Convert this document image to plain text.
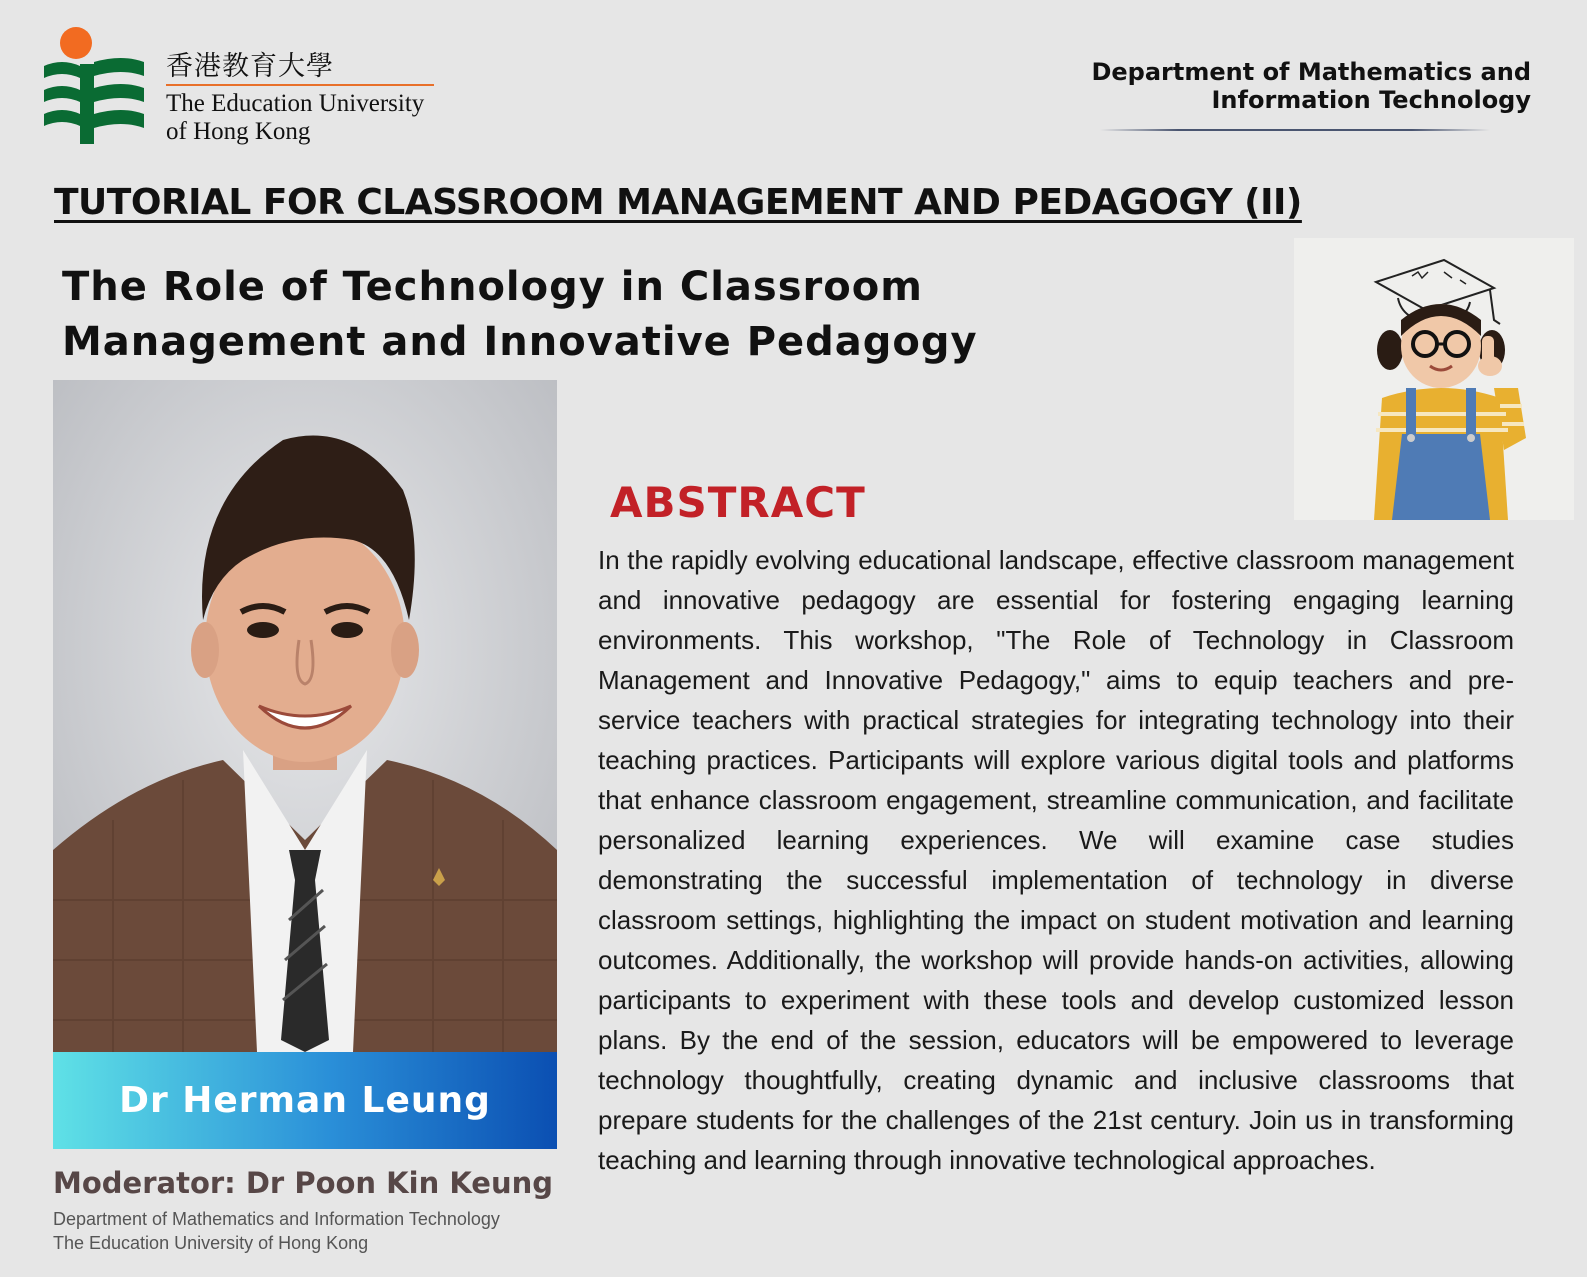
香港教育大學
The Education University
of Hong Kong
Department of Mathematics and
Information Technology
TUTORIAL FOR CLASSROOM MANAGEMENT AND PEDAGOGY (II)
The Role of Technology in Classroom
Management and Innovative Pedagogy
Dr Herman Leung
Moderator: Dr Poon Kin Keung
Department of Mathematics and Information Technology
The Education University of Hong Kong
ABSTRACT
In the rapidly evolving educational landscape, effective classroom management and innovative pedagogy are essential for fostering engaging learning environments. This workshop, "The Role of Technology in Classroom Management and Innovative Pedagogy," aims to equip teachers and pre-service teachers with practical strategies for integrating technology into their teaching practices. Participants will explore various digital tools and platforms that enhance classroom engagement, streamline communication, and facilitate personalized learning experiences. We will examine case studies demonstrating the successful implementation of technology in diverse classroom settings, highlighting the impact on student motivation and learning outcomes. Additionally, the workshop will provide hands-on activities, allowing participants to experiment with these tools and develop customized lesson plans. By the end of the session, educators will be empowered to leverage technology thoughtfully, creating dynamic and inclusive classrooms that prepare students for the challenges of the 21st century. Join us in transforming teaching and learning through innovative technological approaches.
